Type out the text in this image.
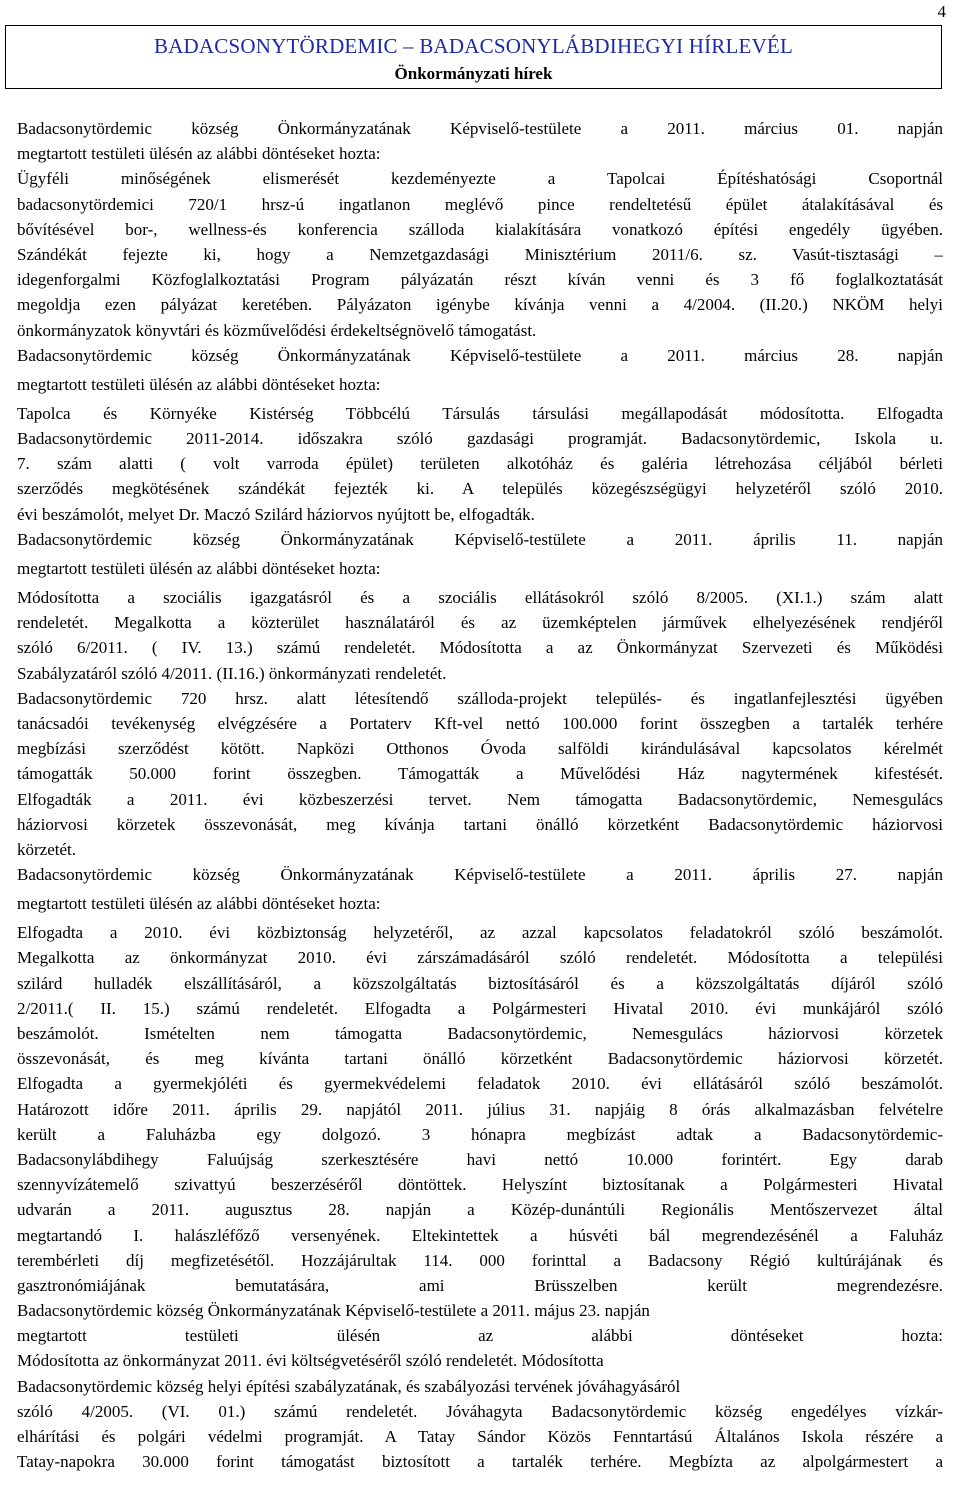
4
BADACSONYTÖRDEMIC – BADACSONYLÁBDIHEGYI HÍRLEVÉL
Önkormányzati hírek
Badacsonytördemic község Önkormányzatának Képviselő-testülete a 2011. március 01. napján
megtartott testületi ülésén az alábbi döntéseket hozta:
Ügyféli minőségének elismerését kezdeményezte a Tapolcai Építéshatósági Csoportnál
badacsonytördemici 720/1 hrsz-ú ingatlanon meglévő pince rendeltetésű épület átalakításával és
bővítésével bor-, wellness-és konferencia szálloda kialakítására vonatkozó építési engedély ügyében.
Szándékát fejezte ki, hogy a Nemzetgazdasági Minisztérium 2011/6. sz. Vasút-tisztasági –
idegenforgalmi Közfoglalkoztatási Program pályázatán részt kíván venni és 3 fő foglalkoztatását
megoldja ezen pályázat keretében. Pályázaton igénybe kívánja venni a 4/2004. (II.20.) NKÖM helyi
önkormányzatok könyvtári és közművelődési érdekeltségnövelő támogatást.
Badacsonytördemic község Önkormányzatának Képviselő-testülete a 2011. március 28. napján
megtartott testületi ülésén az alábbi döntéseket hozta:
Tapolca és Környéke Kistérség Többcélú Társulás társulási megállapodását módosította. Elfogadta
Badacsonytördemic 2011-2014. időszakra szóló gazdasági programját. Badacsonytördemic, Iskola u.
7. szám alatti ( volt varroda épület) területen alkotóház és galéria létrehozása céljából bérleti
szerződés megkötésének szándékát fejezték ki. A település közegészségügyi helyzetéről szóló 2010.
évi beszámolót, melyet Dr. Maczó Szilárd háziorvos nyújtott be, elfogadták.
Badacsonytördemic község Önkormányzatának Képviselő-testülete a 2011. április 11. napján
megtartott testületi ülésén az alábbi döntéseket hozta:
Módosította a szociális igazgatásról és a szociális ellátásokról szóló 8/2005. (XI.1.) szám alatt
rendeletét. Megalkotta a közterület használatáról és az üzemképtelen járművek elhelyezésének rendjéről
szóló 6/2011. ( IV. 13.) számú rendeletét. Módosította a az Önkormányzat Szervezeti és Működési
Szabályzatáról szóló 4/2011. (II.16.) önkormányzati rendeletét.
Badacsonytördemic 720 hrsz. alatt létesítendő szálloda-projekt település- és ingatlanfejlesztési ügyében
tanácsadói tevékenység elvégzésére a Portaterv Kft-vel nettó 100.000 forint összegben a tartalék terhére
megbízási szerződést kötött. Napközi Otthonos Óvoda salföldi kirándulásával kapcsolatos kérelmét
támogatták 50.000 forint összegben. Támogatták a Művelődési Ház nagytermének kifestését.
Elfogadták a 2011. évi közbeszerzési tervet. Nem támogatta Badacsonytördemic, Nemesgulács
háziorvosi körzetek összevonását, meg kívánja tartani önálló körzetként Badacsonytördemic háziorvosi
körzetét.
Badacsonytördemic község Önkormányzatának Képviselő-testülete a 2011. április 27. napján
megtartott testületi ülésén az alábbi döntéseket hozta:
Elfogadta a 2010. évi közbiztonság helyzetéről, az azzal kapcsolatos feladatokról szóló beszámolót.
Megalkotta az önkormányzat 2010. évi zárszámadásáról szóló rendeletét. Módosította a települési
szilárd hulladék elszállításáról, a közszolgáltatás biztosításáról és a közszolgáltatás díjáról szóló
2/2011.( II. 15.) számú rendeletét. Elfogadta a Polgármesteri Hivatal 2010. évi munkájáról szóló
beszámolót. Ismételten nem támogatta Badacsonytördemic, Nemesgulács háziorvosi körzetek
összevonását, és meg kívánta tartani önálló körzetként Badacsonytördemic háziorvosi körzetét.
Elfogadta a gyermekjóléti és gyermekvédelemi feladatok 2010. évi ellátásáról szóló beszámolót.
Határozott időre 2011. április 29. napjától 2011. július 31. napjáig 8 órás alkalmazásban felvételre
került a Faluházba egy dolgozó. 3 hónapra megbízást adtak a Badacsonytördemic-
Badacsonylábdihegy Faluújság szerkesztésére havi nettó 10.000 forintért. Egy darab
szennyvízátemelő szivattyú beszerzéséről döntöttek. Helyszínt biztosítanak a Polgármesteri Hivatal
udvarán a 2011. augusztus 28. napján a Közép-dunántúli Regionális Mentőszervezet által
megtartandó I. halászléfőző versenyének. Eltekintettek a húsvéti bál megrendezésénél a Faluház
terembérleti díj megfizetésétől. Hozzájárultak 114. 000 forinttal a Badacsony Régió kultúrájának és
gasztronómiájának bemutatására, ami Brüsszelben került megrendezésre.
Badacsonytördemic község Önkormányzatának Képviselő-testülete a 2011. május 23. napján
megtartott testületi ülésén az alábbi döntéseket hozta:
Módosította az önkormányzat 2011. évi költségvetéséről szóló rendeletét. Módosította
Badacsonytördemic község helyi építési szabályzatának, és szabályozási tervének jóváhagyásáról
szóló 4/2005. (VI. 01.) számú rendeletét. Jóváhagyta Badacsonytördemic község engedélyes vízkár-
elhárítási és polgári védelmi programját. A Tatay Sándor Közös Fenntartású Általános Iskola részére a
Tatay-napokra 30.000 forint támogatást biztosított a tartalék terhére. Megbízta az alpolgármestert a
